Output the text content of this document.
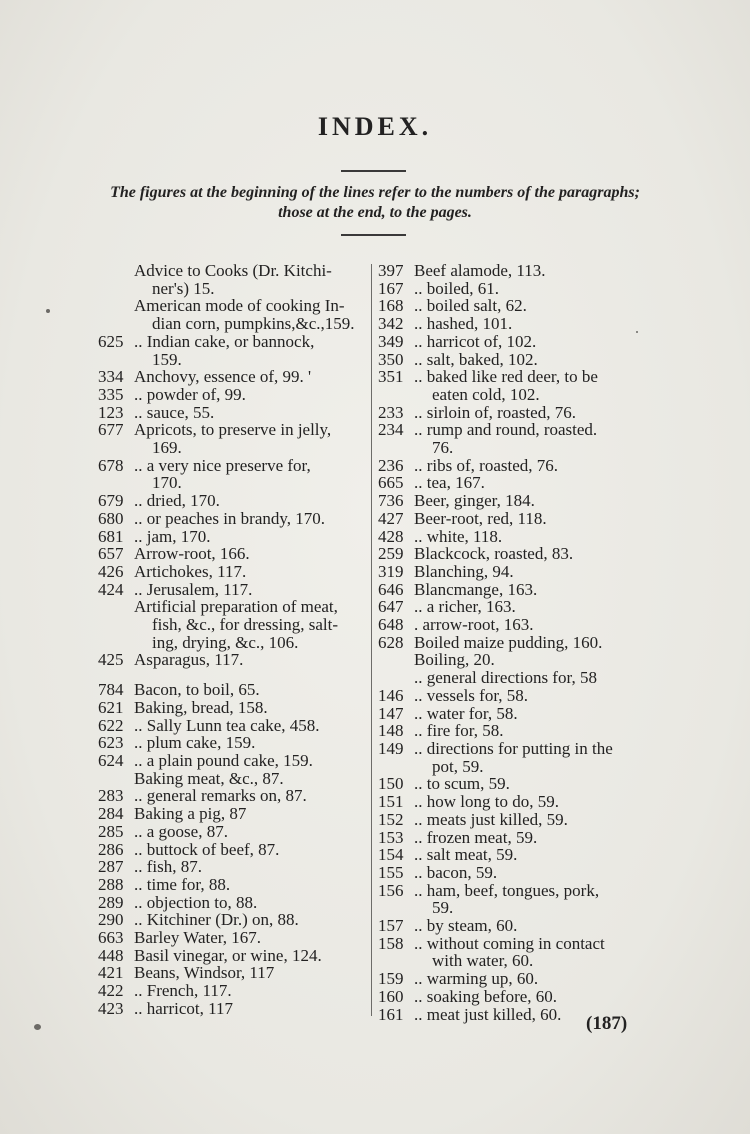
INDEX.
The figures at the beginning of the lines refer to the numbers of the paragraphs; those at the end, to the pages.
Advice to Cooks (Dr. Kitchi-
ner's) 15.
American mode of cooking In-
dian corn, pumpkins,&c.,159.
625 .. Indian cake, or bannock,
159.
334 Anchovy, essence of, 99. '
335 .. powder of, 99.
123 .. sauce, 55.
677 Apricots, to preserve in jelly,
169.
678 .. a very nice preserve for,
170.
679 .. dried, 170.
680 .. or peaches in brandy, 170.
681 .. jam, 170.
657 Arrow-root, 166.
426 Artichokes, 117.
424 .. Jerusalem, 117.
Artificial preparation of meat,
fish, &c., for dressing, salt-
ing, drying, &c., 106.
425 Asparagus, 117.
784 Bacon, to boil, 65.
621 Baking, bread, 158.
622 .. Sally Lunn tea cake, 458.
623 .. plum cake, 159.
624 .. a plain pound cake, 159.
Baking meat, &c., 87.
283 .. general remarks on, 87.
284 Baking a pig, 87
285 .. a goose, 87.
286 .. buttock of beef, 87.
287 .. fish, 87.
288 .. time for, 88.
289 .. objection to, 88.
290 .. Kitchiner (Dr.) on, 88.
663 Barley Water, 167.
448 Basil vinegar, or wine, 124.
421 Beans, Windsor, 117
422 .. French, 117.
423 .. harricot, 117
397 Beef alamode, 113.
167 .. boiled, 61.
168 .. boiled salt, 62.
342 .. hashed, 101.
349 .. harricot of, 102.
350 .. salt, baked, 102.
351 .. baked like red deer, to be
eaten cold, 102.
233 .. sirloin of, roasted, 76.
234 .. rump and round, roasted.
76.
236 .. ribs of, roasted, 76.
665 .. tea, 167.
736 Beer, ginger, 184.
427 Beer-root, red, 118.
428 .. white, 118.
259 Blackcock, roasted, 83.
319 Blanching, 94.
646 Blancmange, 163.
647 .. a richer, 163.
648 . arrow-root, 163.
628 Boiled maize pudding, 160.
Boiling, 20.
.. general directions for, 58
146 .. vessels for, 58.
147 .. water for, 58.
148 .. fire for, 58.
149 .. directions for putting in the
pot, 59.
150 .. to scum, 59.
151 .. how long to do, 59.
152 .. meats just killed, 59.
153 .. frozen meat, 59.
154 .. salt meat, 59.
155 .. bacon, 59.
156 .. ham, beef, tongues, pork,
59.
157 .. by steam, 60.
158 .. without coming in contact
with water, 60.
159 .. warming up, 60.
160 .. soaking before, 60.
161 .. meat just killed, 60.	(187)
